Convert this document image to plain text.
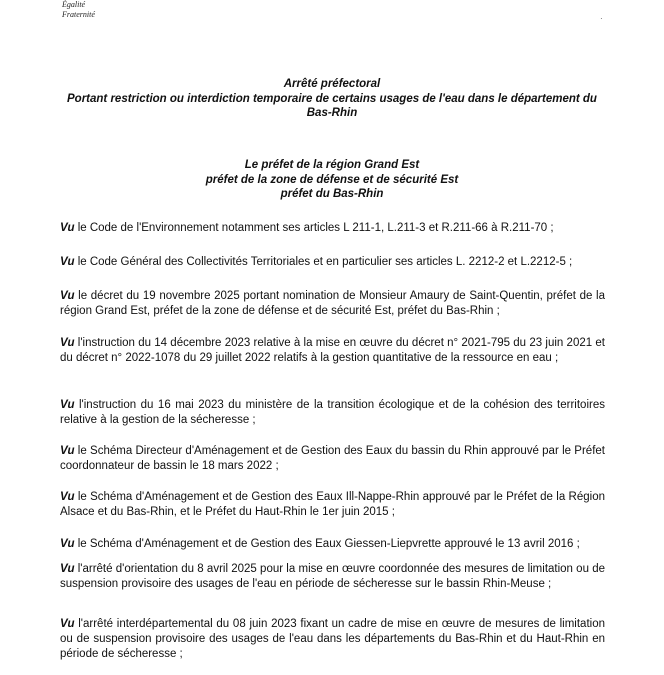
Égalité
Fraternité	·
Arrêté préfectoral
Portant restriction ou interdiction temporaire de certains usages de l'eau dans le département du
Bas-Rhin
Le préfet de la région Grand Est
préfet de la zone de défense et de sécurité Est
préfet du Bas-Rhin

Vu le Code de l'Environnement notamment ses articles L 211-1, L.211-3 et R.211-66 à R.211-70 ;

Vu le Code Général des Collectivités Territoriales et en particulier ses articles L. 2212-2 et L.2212-5 ;

Vu le décret du 19 novembre 2025 portant nomination de Monsieur Amaury de Saint-Quentin, préfet de la région Grand Est, préfet de la zone de défense et de sécurité Est, préfet du Bas-Rhin ;

Vu l'instruction du 14 décembre 2023 relative à la mise en œuvre du décret n° 2021-795 du 23 juin 2021 et du décret n° 2022-1078 du 29 juillet 2022 relatifs à la gestion quantitative de la ressource en eau ;

Vu l'instruction du 16 mai 2023 du ministère de la transition écologique et de la cohésion des territoires relative à la gestion de la sécheresse ;

Vu le Schéma Directeur d'Aménagement et de Gestion des Eaux du bassin du Rhin approuvé par le Préfet coordonnateur de bassin le 18 mars 2022 ;

Vu le Schéma d'Aménagement et de Gestion des Eaux Ill-Nappe-Rhin approuvé par le Préfet de la Région Alsace et du Bas-Rhin, et le Préfet du Haut-Rhin le 1er juin 2015 ;

Vu le Schéma d'Aménagement et de Gestion des Eaux Giessen-Liepvrette approuvé le 13 avril 2016 ;

Vu l'arrêté d'orientation du 8 avril 2025 pour la mise en œuvre coordonnée des mesures de limitation ou de suspension provisoire des usages de l'eau en période de sécheresse sur le bassin Rhin-Meuse ;

Vu l'arrêté interdépartemental du 08 juin 2023 fixant un cadre de mise en œuvre de mesures de limitation ou de suspension provisoire des usages de l'eau dans les départements du Bas-Rhin et du Haut-Rhin en période de sécheresse ;
